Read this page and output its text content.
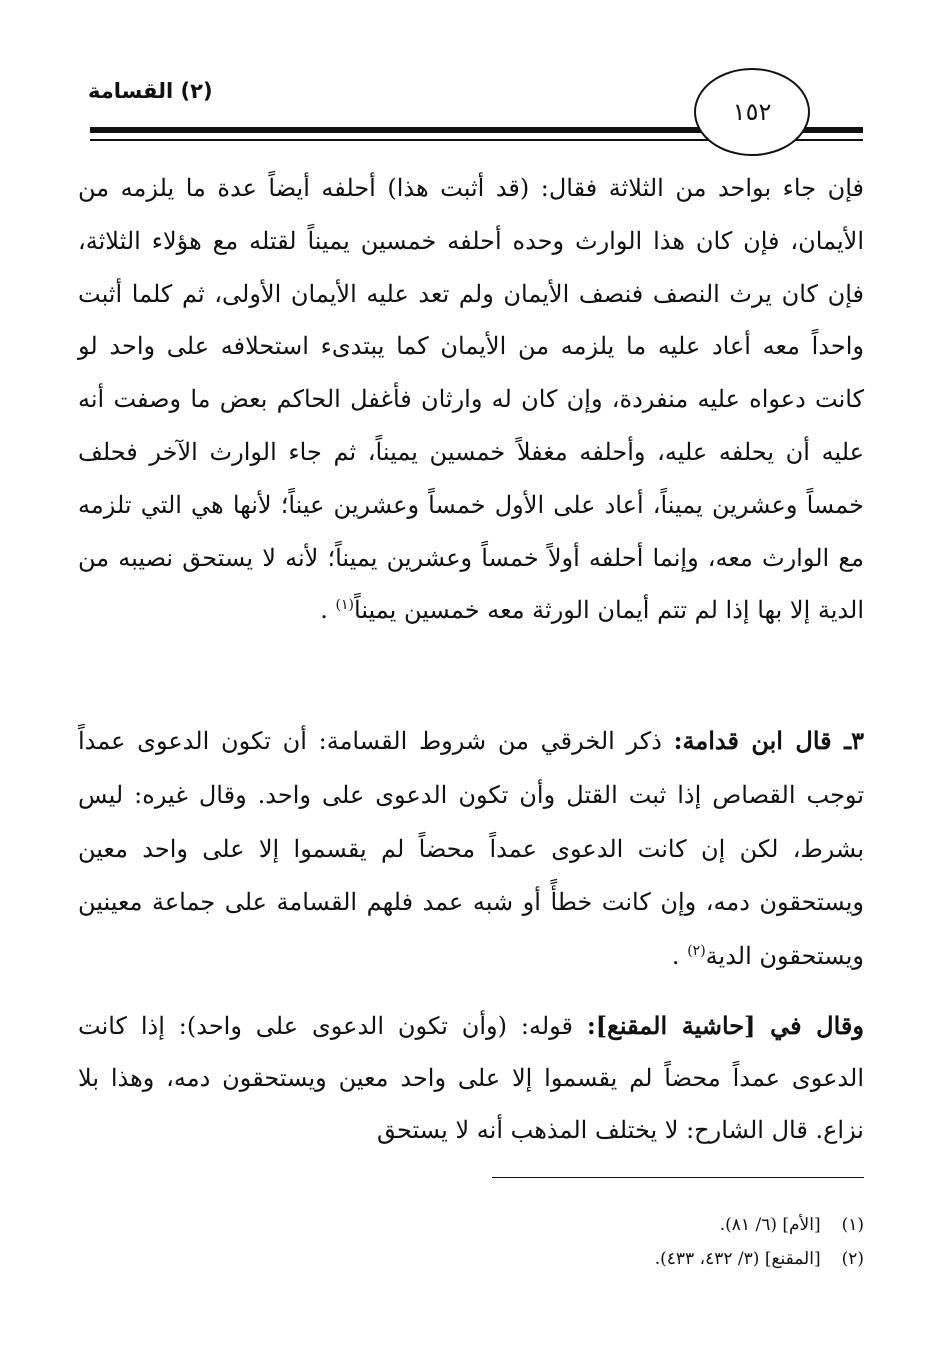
(٢) القسامة
١٥٢
فإن جاء بواحد من الثلاثة فقال: (قد أثبت هذا) أحلفه أيضاً عدة ما يلزمه من الأيمان، فإن كان هذا الوارث وحده أحلفه خمسين يميناً لقتله مع هؤلاء الثلاثة، فإن كان يرث النصف فنصف الأيمان ولم تعد عليه الأيمان الأولى، ثم كلما أثبت واحداً معه أعاد عليه ما يلزمه من الأيمان كما يبتدىء استحلافه على واحد لو كانت دعواه عليه منفردة، وإن كان له وارثان فأغفل الحاكم بعض ما وصفت أنه عليه أن يحلفه عليه، وأحلفه مغفلاً خمسين يميناً، ثم جاء الوارث الآخر فحلف خمساً وعشرين يميناً، أعاد على الأول خمساً وعشرين عيناً؛ لأنها هي التي تلزمه مع الوارث معه، وإنما أحلفه أولاً خمساً وعشرين يميناً؛ لأنه لا يستحق نصيبه من الدية إلا بها إذا لم تتم أيمان الورثة معه خمسين يميناً$^{(١)}$ .
٣ـ قال ابن قدامة: ذكر الخرقي من شروط القسامة: أن تكون الدعوى عمداً توجب القصاص إذا ثبت القتل وأن تكون الدعوى على واحد. وقال غيره: ليس بشرط، لكن إن كانت الدعوى عمداً محضاً لم يقسموا إلا على واحد معين ويستحقون دمه، وإن كانت خطأً أو شبه عمد فلهم القسامة على جماعة معينين ويستحقون الدية$^{(٢)}$ .
وقال في [حاشية المقنع]: قوله: (وأن تكون الدعوى على واحد): إذا كانت الدعوى عمداً محضاً لم يقسموا إلا على واحد معين ويستحقون دمه، وهذا بلا نزاع. قال الشارح: لا يختلف المذهب أنه لا يستحق
(١) [الأم] (٦/ ٨١).
(٢) [المقنع] (٣/ ٤٣٢، ٤٣٣).
